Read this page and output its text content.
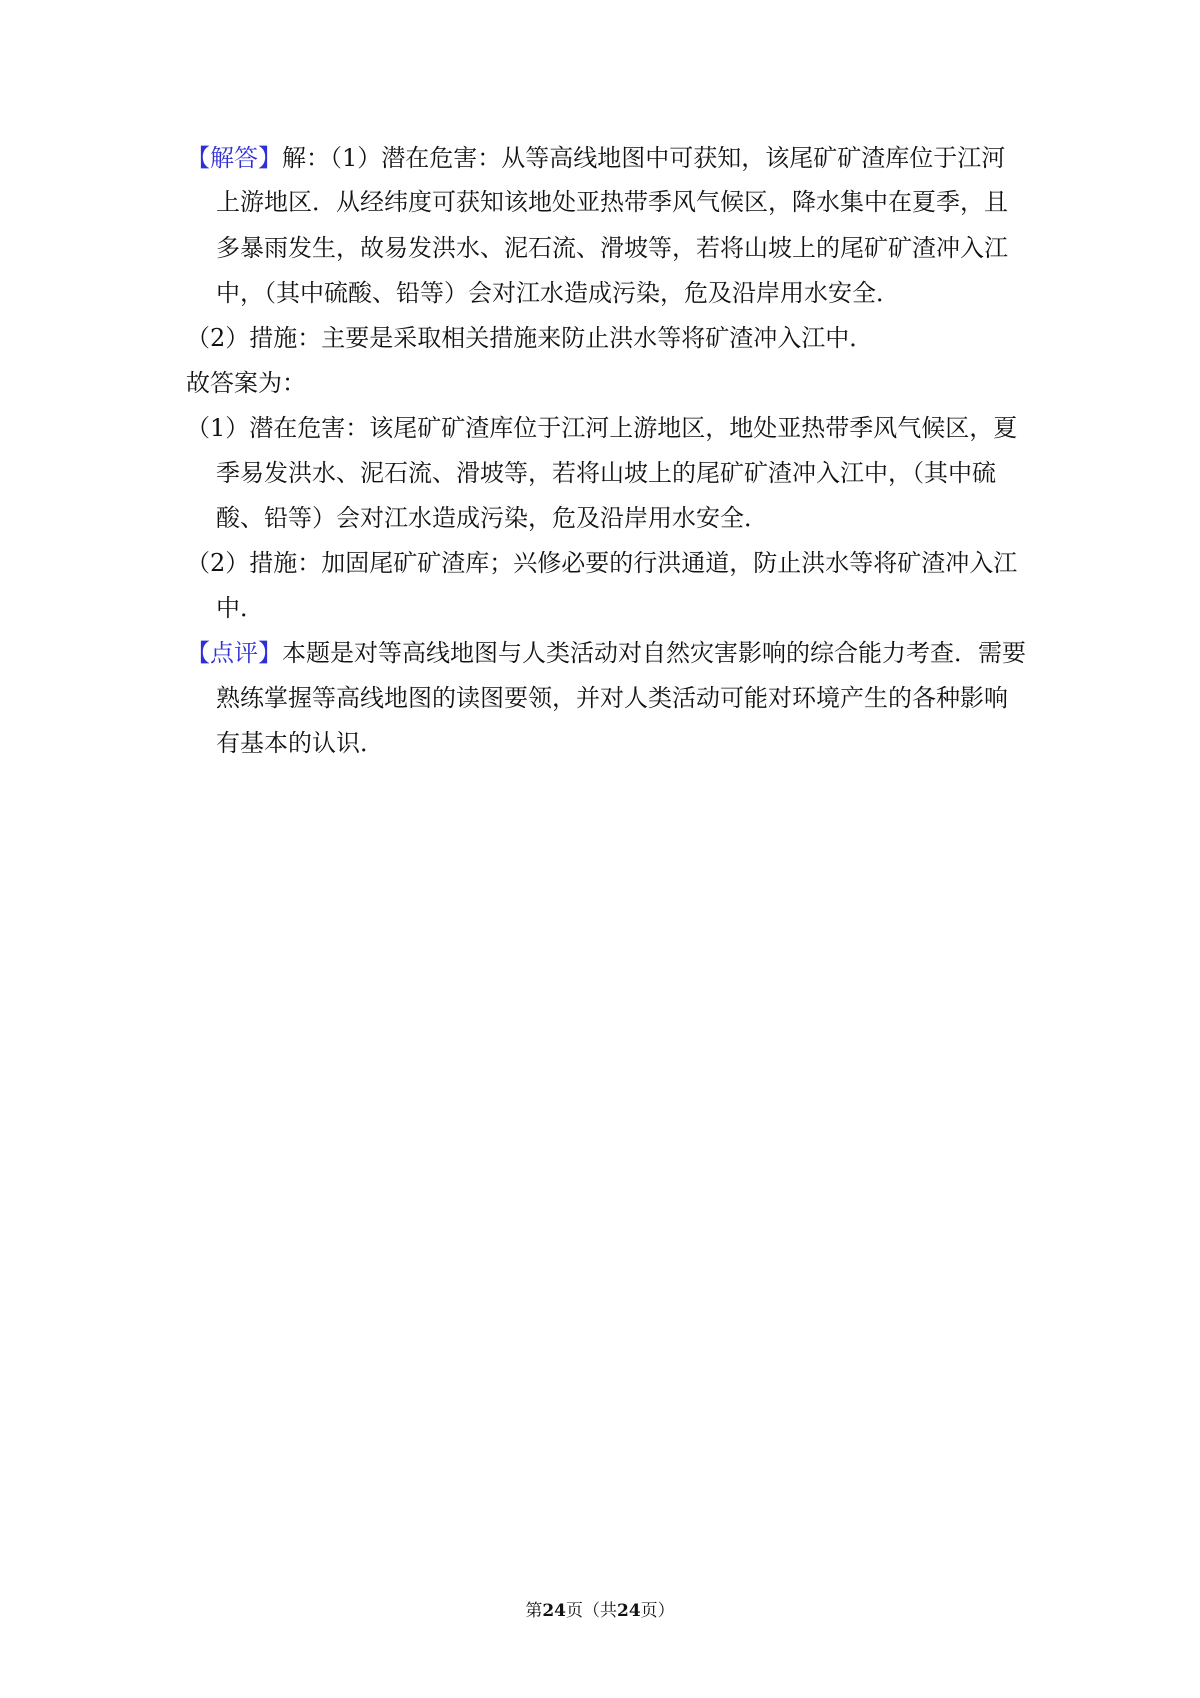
【解答】解：（1）潜在危害：从等高线地图中可获知，该尾矿矿渣库位于江河
上游地区．从经纬度可获知该地处亚热带季风气候区，降水集中在夏季，且
多暴雨发生，故易发洪水、泥石流、滑坡等，若将山坡上的尾矿矿渣冲入江
中，（其中硫酸、铅等）会对江水造成污染，危及沿岸用水安全．
（2）措施：主要是采取相关措施来防止洪水等将矿渣冲入江中．
故答案为：
（1）潜在危害：该尾矿矿渣库位于江河上游地区，地处亚热带季风气候区，夏
季易发洪水、泥石流、滑坡等，若将山坡上的尾矿矿渣冲入江中，（其中硫
酸、铅等）会对江水造成污染，危及沿岸用水安全．
（2）措施：加固尾矿矿渣库；兴修必要的行洪通道，防止洪水等将矿渣冲入江
中．
【点评】本题是对等高线地图与人类活动对自然灾害影响的综合能力考查．需要
熟练掌握等高线地图的读图要领，并对人类活动可能对环境产生的各种影响
有基本的认识．
第24页（共24页）
